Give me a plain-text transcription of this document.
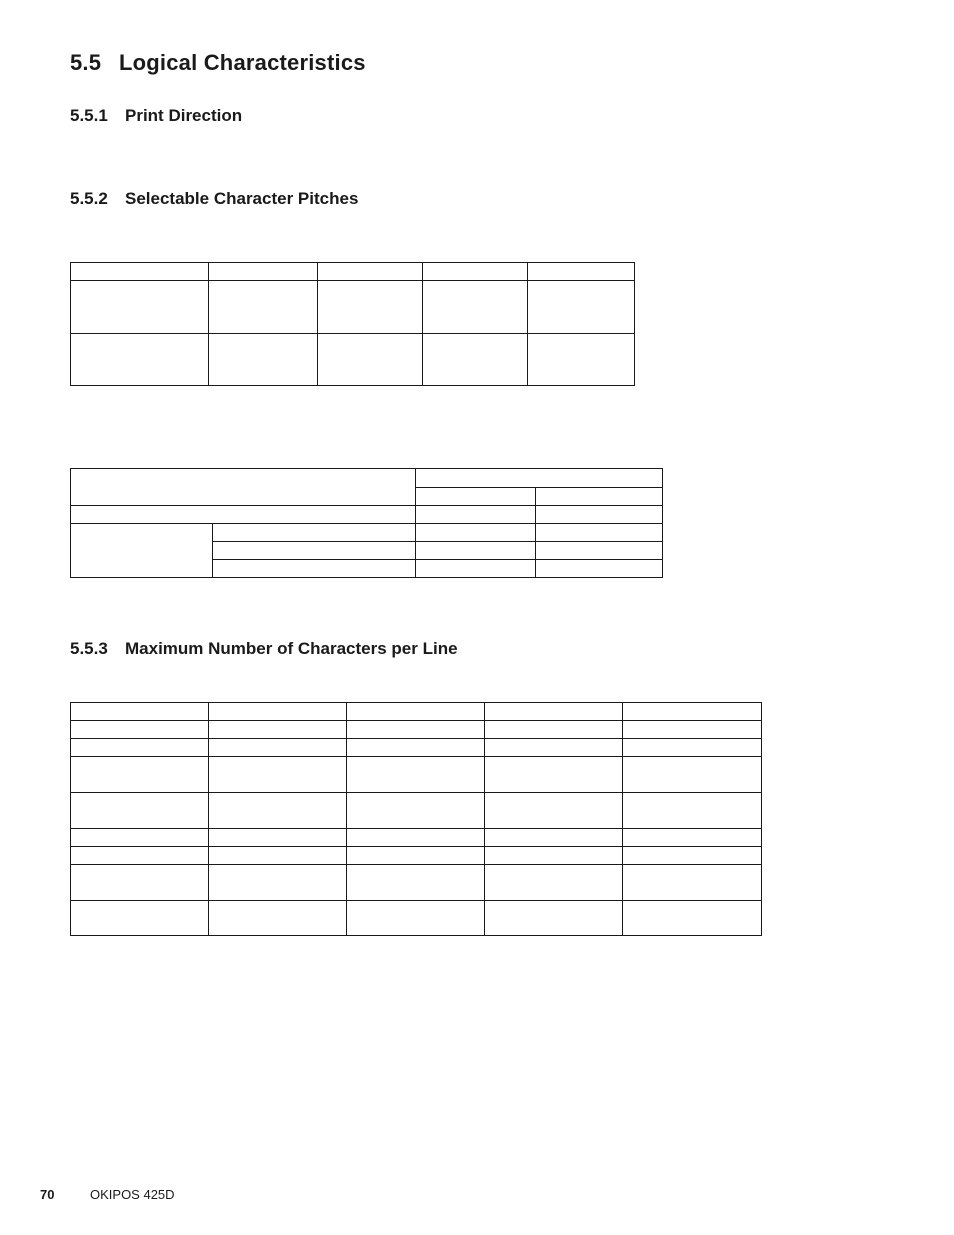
5.5 Logical Characteristics
5.5.1 Print Direction
5.5.2 Selectable Character Pitches

5.5.3 Maximum Number of Characters per Line

70	OKIPOS 425D
